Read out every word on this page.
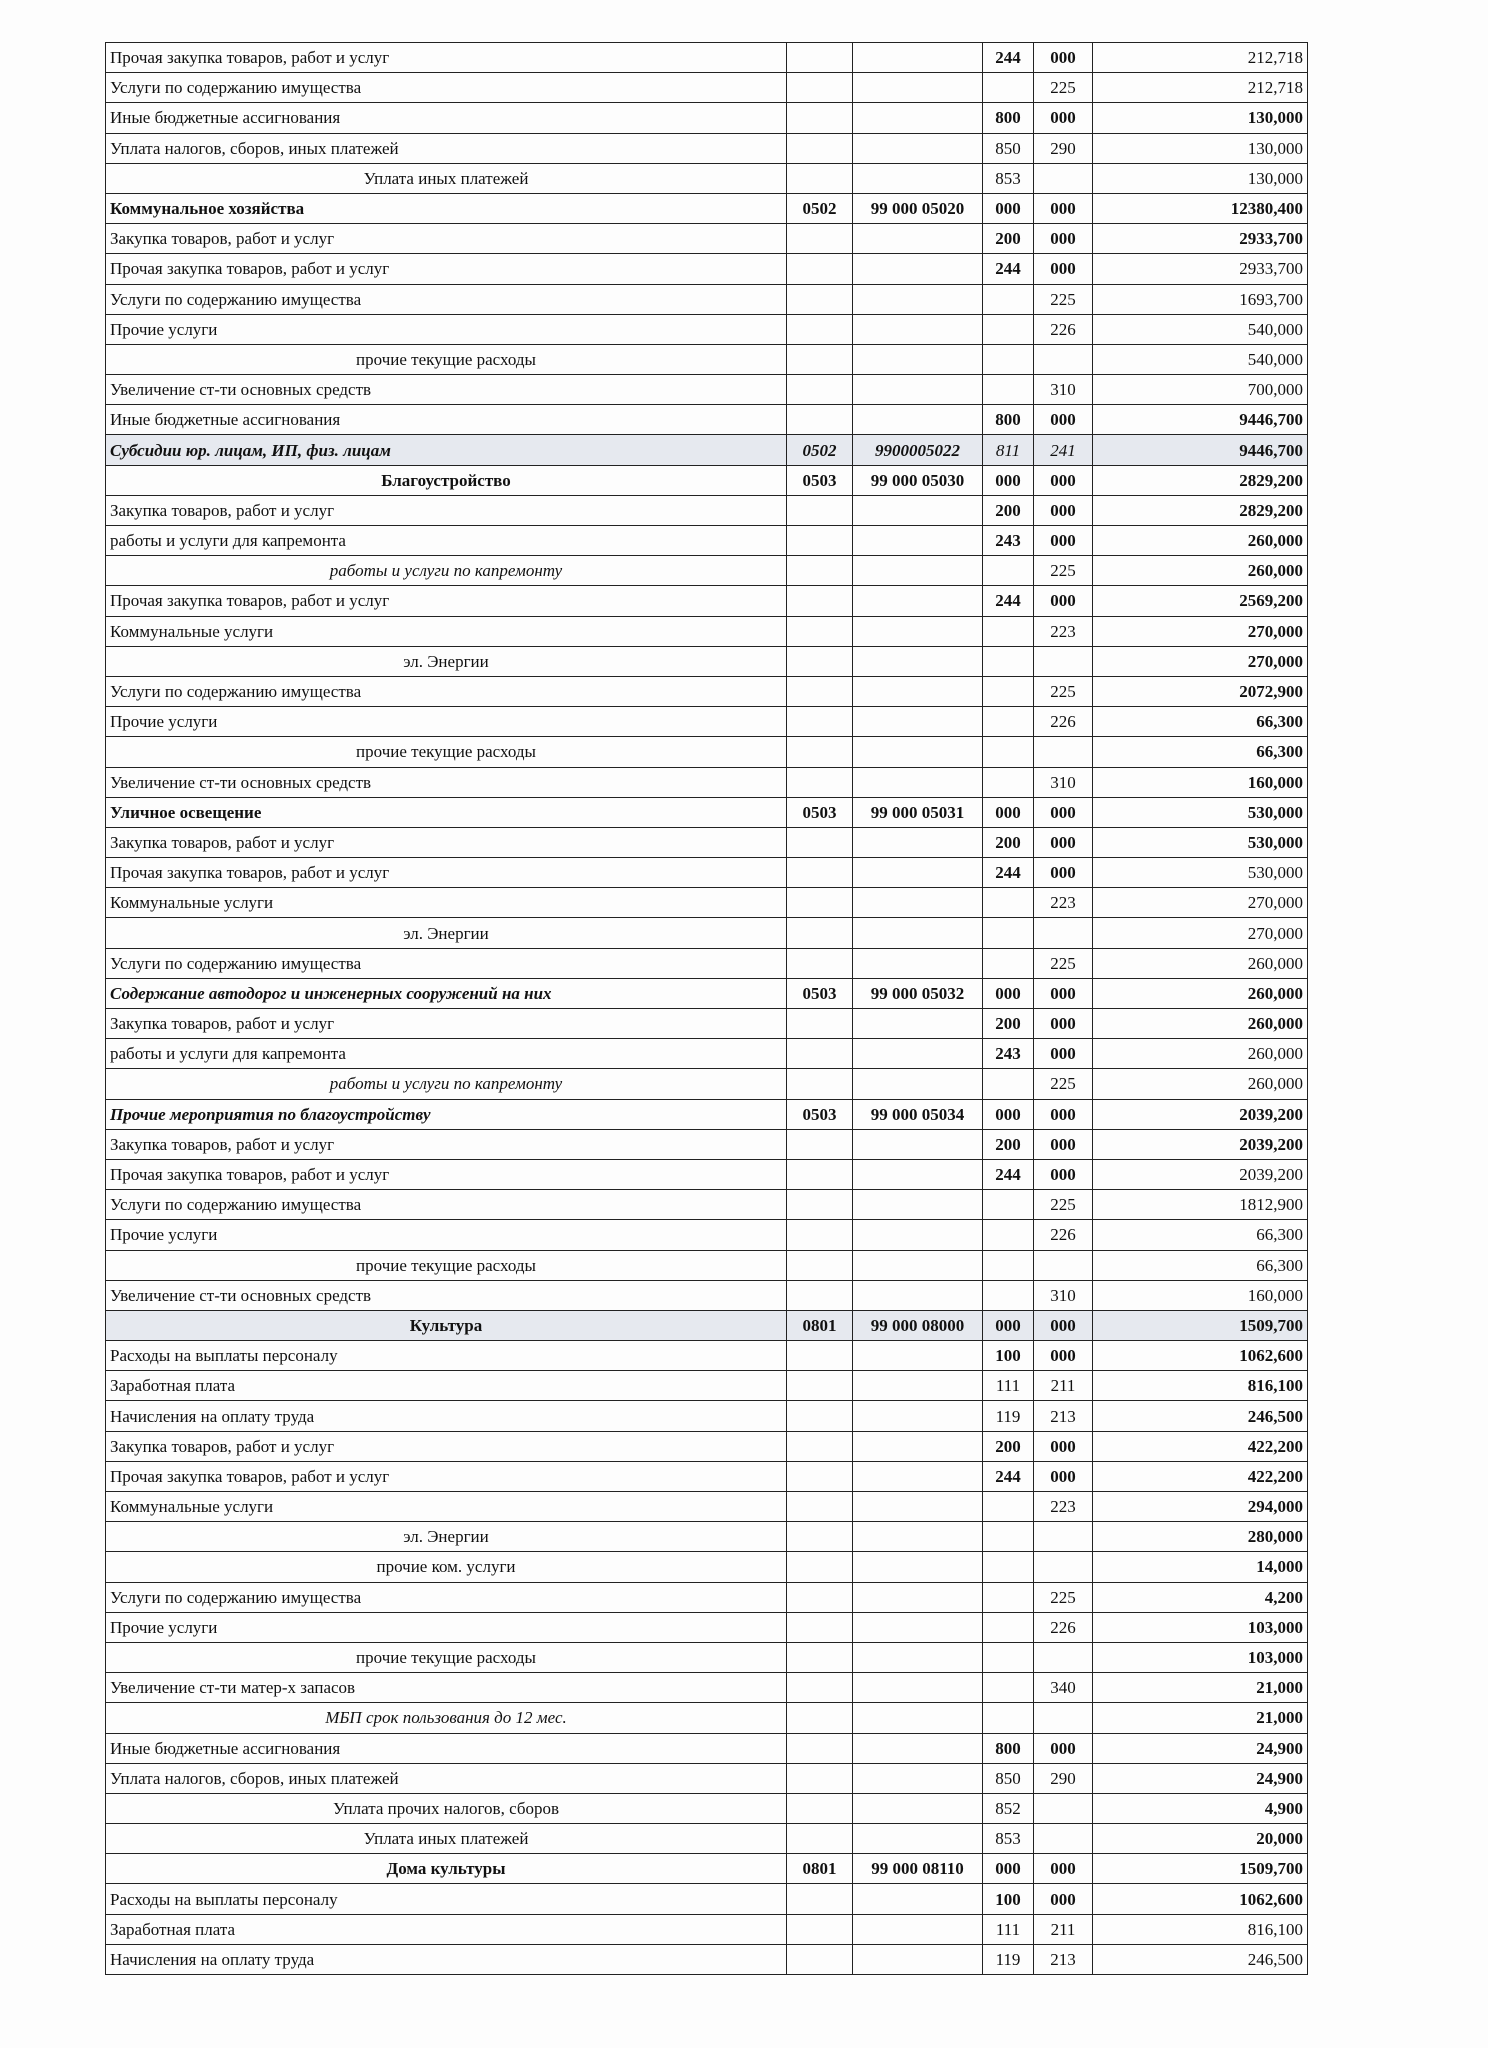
Прочая закупка товаров, работ и услуг			244	000	212,718
Услуги по содержанию имущества				225	212,718
Иные бюджетные ассигнования			800	000	130,000
Уплата налогов, сборов, иных платежей			850	290	130,000
Уплата иных платежей			853		130,000
Коммунальное хозяйства	0502	99 000 05020	000	000	12380,400
Закупка товаров, работ и услуг			200	000	2933,700
Прочая закупка товаров, работ и услуг			244	000	2933,700
Услуги по содержанию имущества				225	1693,700
Прочие услуги				226	540,000
прочие текущие расходы					540,000
Увеличение ст-ти основных средств				310	700,000
Иные бюджетные ассигнования			800	000	9446,700
Субсидии юр. лицам, ИП, физ. лицам	0502	9900005022	811	241	9446,700
Благоустройство	0503	99 000 05030	000	000	2829,200
Закупка товаров, работ и услуг			200	000	2829,200
работы и услуги для капремонта			243	000	260,000
работы и услуги по капремонту				225	260,000
Прочая закупка товаров, работ и услуг			244	000	2569,200
Коммунальные услуги				223	270,000
эл. Энергии					270,000
Услуги по содержанию имущества				225	2072,900
Прочие услуги				226	66,300
прочие текущие расходы					66,300
Увеличение ст-ти основных средств				310	160,000
Уличное освещение	0503	99 000 05031	000	000	530,000
Закупка товаров, работ и услуг			200	000	530,000
Прочая закупка товаров, работ и услуг			244	000	530,000
Коммунальные услуги				223	270,000
эл. Энергии					270,000
Услуги по содержанию имущества				225	260,000
Содержание автодорог и инженерных сооружений на них	0503	99 000 05032	000	000	260,000
Закупка товаров, работ и услуг			200	000	260,000
работы и услуги для капремонта			243	000	260,000
работы и услуги по капремонту				225	260,000
Прочие мероприятия по благоустройству	0503	99 000 05034	000	000	2039,200
Закупка товаров, работ и услуг			200	000	2039,200
Прочая закупка товаров, работ и услуг			244	000	2039,200
Услуги по содержанию имущества				225	1812,900
Прочие услуги				226	66,300
прочие текущие расходы					66,300
Увеличение ст-ти основных средств				310	160,000
Культура	0801	99 000 08000	000	000	1509,700
Расходы на выплаты персоналу			100	000	1062,600
Заработная плата			111	211	816,100
Начисления на оплату труда			119	213	246,500
Закупка товаров, работ и услуг			200	000	422,200
Прочая закупка товаров, работ и услуг			244	000	422,200
Коммунальные услуги				223	294,000
эл. Энергии					280,000
прочие ком. услуги					14,000
Услуги по содержанию имущества				225	4,200
Прочие услуги				226	103,000
прочие текущие расходы					103,000
Увеличение ст-ти матер-х запасов				340	21,000
МБП срок пользования до 12 мес.					21,000
Иные бюджетные ассигнования			800	000	24,900
Уплата налогов, сборов, иных платежей			850	290	24,900
Уплата прочих налогов, сборов			852		4,900
Уплата иных платежей			853		20,000
Дома культуры	0801	99 000 08110	000	000	1509,700
Расходы на выплаты персоналу			100	000	1062,600
Заработная плата			111	211	816,100
Начисления на оплату труда			119	213	246,500
